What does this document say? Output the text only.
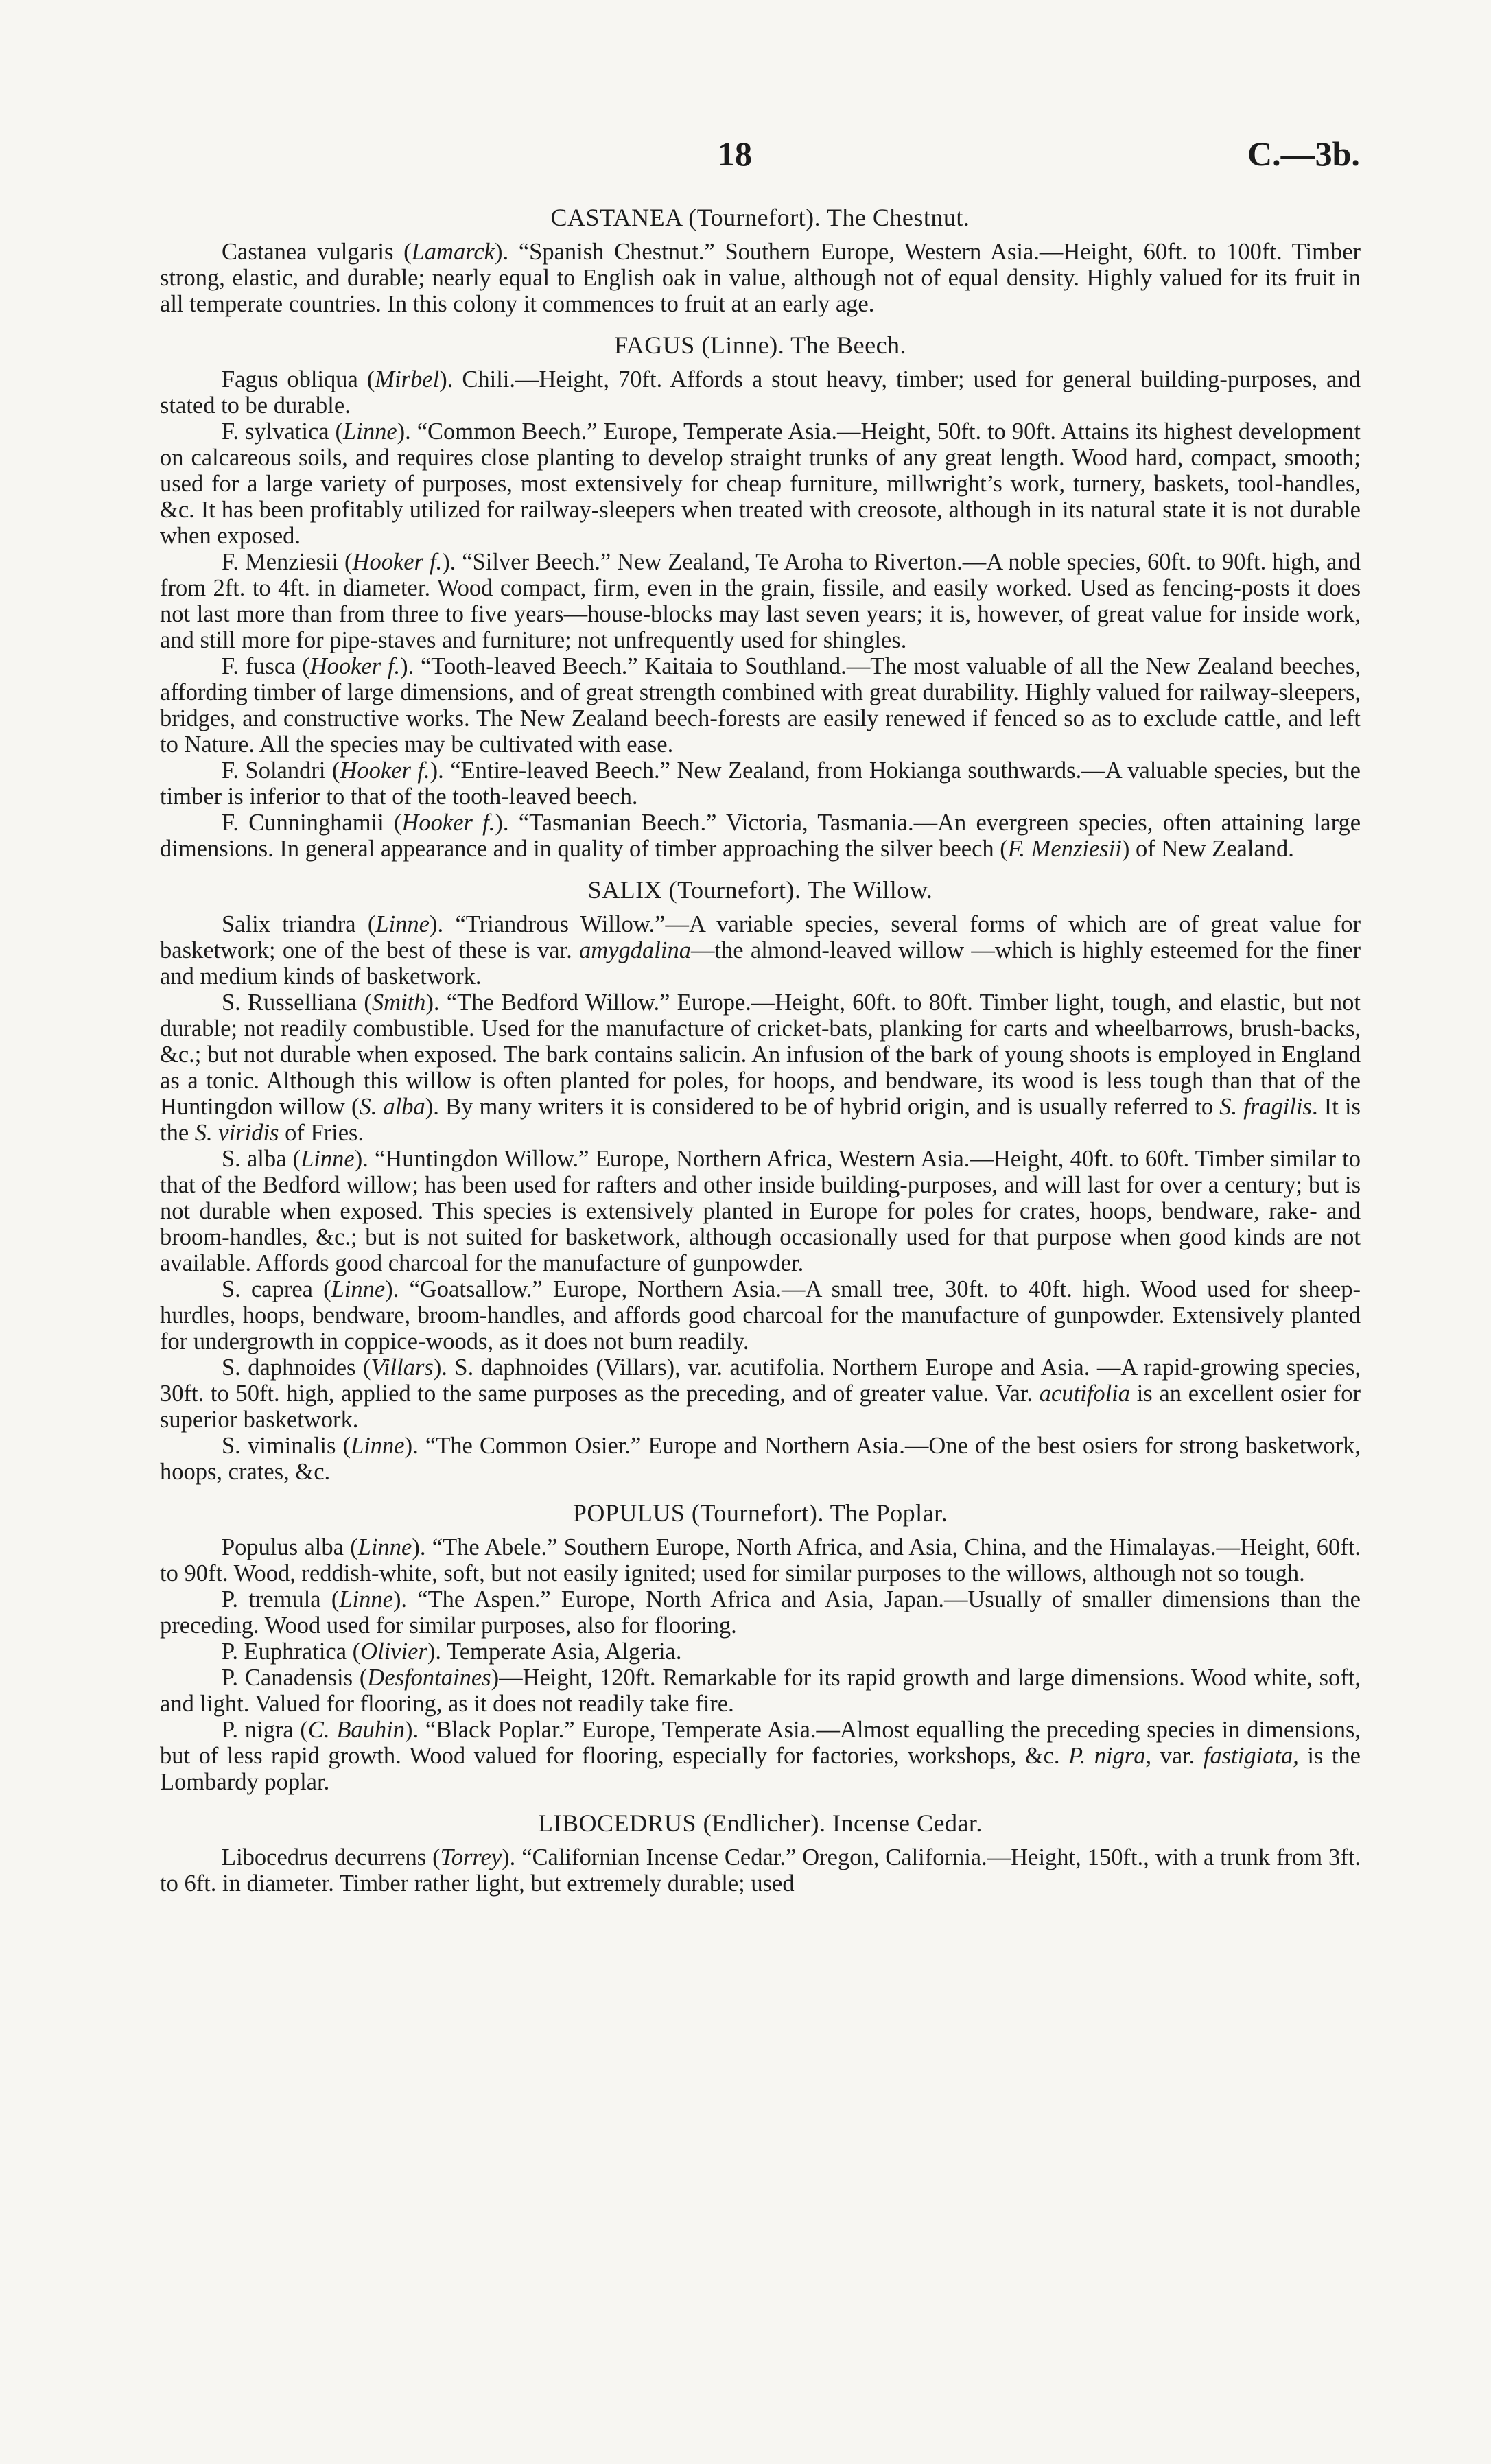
18	C.—3b.
CASTANEA (Tournefort). The Chestnut.

Castanea vulgaris (Lamarck). “Spanish Chestnut.” Southern Europe, Western Asia.—Height, 60ft. to 100ft. Timber strong, elastic, and durable; nearly equal to English oak in value, although not of equal density. Highly valued for its fruit in all temperate countries. In this colony it commences to fruit at an early age.

FAGUS (Linne). The Beech.

Fagus obliqua (Mirbel). Chili.—Height, 70ft. Affords a stout heavy, timber; used for general building-purposes, and stated to be durable.

F. sylvatica (Linne). “Common Beech.” Europe, Temperate Asia.—Height, 50ft. to 90ft. Attains its highest development on calcareous soils, and requires close planting to develop straight trunks of any great length. Wood hard, compact, smooth; used for a large variety of purposes, most extensively for cheap furniture, millwright’s work, turnery, baskets, tool-handles, &c. It has been profitably utilized for railway-sleepers when treated with creosote, although in its natural state it is not durable when exposed.

F. Menziesii (Hooker f.). “Silver Beech.” New Zealand, Te Aroha to Riverton.—A noble species, 60ft. to 90ft. high, and from 2ft. to 4ft. in diameter. Wood compact, firm, even in the grain, fissile, and easily worked. Used as fencing-posts it does not last more than from three to five years—house-blocks may last seven years; it is, however, of great value for inside work, and still more for pipe-staves and furniture; not unfrequently used for shingles.

F. fusca (Hooker f.). “Tooth-leaved Beech.” Kaitaia to Southland.—The most valuable of all the New Zealand beeches, affording timber of large dimensions, and of great strength combined with great durability. Highly valued for railway-sleepers, bridges, and constructive works. The New Zealand beech-forests are easily renewed if fenced so as to exclude cattle, and left to Nature. All the species may be cultivated with ease.

F. Solandri (Hooker f.). “Entire-leaved Beech.” New Zealand, from Hokianga southwards.—A valuable species, but the timber is inferior to that of the tooth-leaved beech.

F. Cunninghamii (Hooker f.). “Tasmanian Beech.” Victoria, Tasmania.—An evergreen species, often attaining large dimensions. In general appearance and in quality of timber approaching the silver beech (F. Menziesii) of New Zealand.

SALIX (Tournefort). The Willow.

Salix triandra (Linne). “Triandrous Willow.”—A variable species, several forms of which are of great value for basketwork; one of the best of these is var. amygdalina—the almond-leaved willow —which is highly esteemed for the finer and medium kinds of basketwork.

S. Russelliana (Smith). “The Bedford Willow.” Europe.—Height, 60ft. to 80ft. Timber light, tough, and elastic, but not durable; not readily combustible. Used for the manufacture of cricket-bats, planking for carts and wheelbarrows, brush-backs, &c.; but not durable when exposed. The bark contains salicin. An infusion of the bark of young shoots is employed in England as a tonic. Although this willow is often planted for poles, for hoops, and bendware, its wood is less tough than that of the Huntingdon willow (S. alba). By many writers it is considered to be of hybrid origin, and is usually referred to S. fragilis. It is the S. viridis of Fries.

S. alba (Linne). “Huntingdon Willow.” Europe, Northern Africa, Western Asia.—Height, 40ft. to 60ft. Timber similar to that of the Bedford willow; has been used for rafters and other inside building-purposes, and will last for over a century; but is not durable when exposed. This species is extensively planted in Europe for poles for crates, hoops, bendware, rake- and broom-handles, &c.; but is not suited for basketwork, although occasionally used for that purpose when good kinds are not available. Affords good charcoal for the manufacture of gunpowder.

S. caprea (Linne). “Goatsallow.” Europe, Northern Asia.—A small tree, 30ft. to 40ft. high. Wood used for sheep-hurdles, hoops, bendware, broom-handles, and affords good charcoal for the manufacture of gunpowder. Extensively planted for undergrowth in coppice-woods, as it does not burn readily.

S. daphnoides (Villars). S. daphnoides (Villars), var. acutifolia. Northern Europe and Asia. —A rapid-growing species, 30ft. to 50ft. high, applied to the same purposes as the preceding, and of greater value. Var. acutifolia is an excellent osier for superior basketwork.

S. viminalis (Linne). “The Common Osier.” Europe and Northern Asia.—One of the best osiers for strong basketwork, hoops, crates, &c.

POPULUS (Tournefort). The Poplar.

Populus alba (Linne). “The Abele.” Southern Europe, North Africa, and Asia, China, and the Himalayas.—Height, 60ft. to 90ft. Wood, reddish-white, soft, but not easily ignited; used for similar purposes to the willows, although not so tough.

P. tremula (Linne). “The Aspen.” Europe, North Africa and Asia, Japan.—Usually of smaller dimensions than the preceding. Wood used for similar purposes, also for flooring.

P. Euphratica (Olivier). Temperate Asia, Algeria.

P. Canadensis (Desfontaines)—Height, 120ft. Remarkable for its rapid growth and large dimensions. Wood white, soft, and light. Valued for flooring, as it does not readily take fire.

P. nigra (C. Bauhin). “Black Poplar.” Europe, Temperate Asia.—Almost equalling the preceding species in dimensions, but of less rapid growth. Wood valued for flooring, especially for factories, workshops, &c. P. nigra, var. fastigiata, is the Lombardy poplar.

LIBOCEDRUS (Endlicher). Incense Cedar.

Libocedrus decurrens (Torrey). “Californian Incense Cedar.” Oregon, California.—Height, 150ft., with a trunk from 3ft. to 6ft. in diameter. Timber rather light, but extremely durable; used
